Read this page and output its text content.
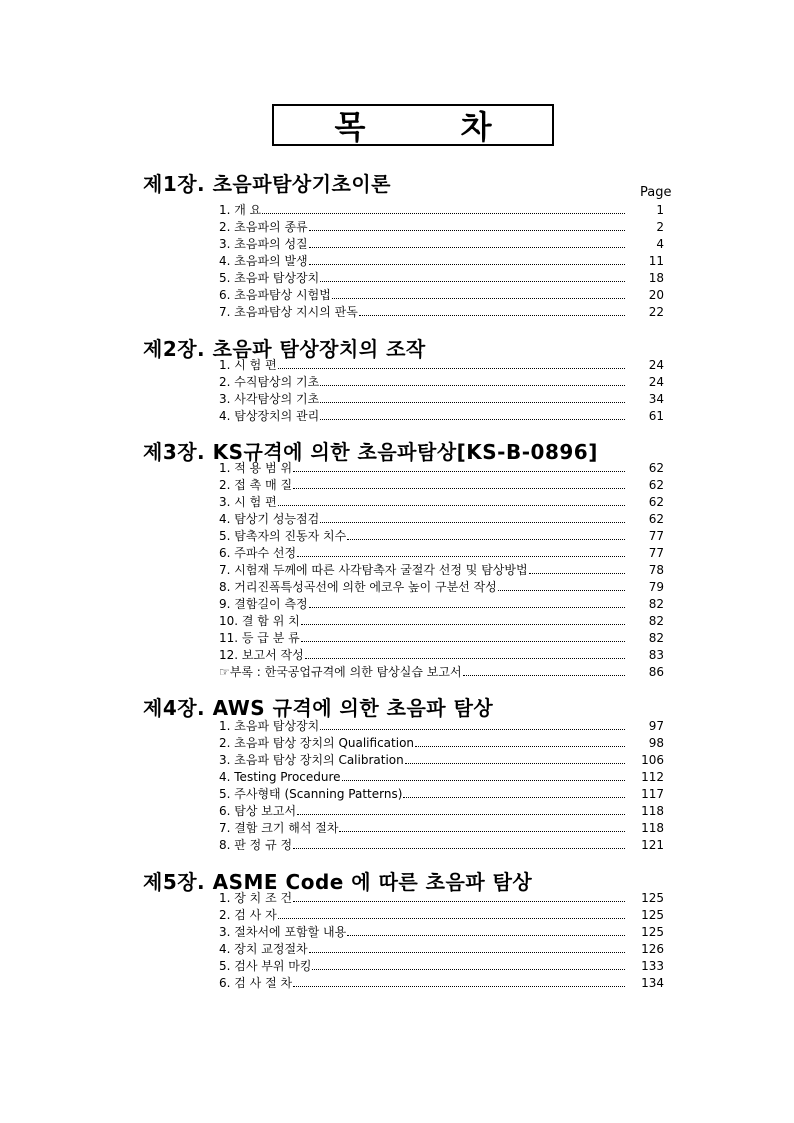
목 차
Page
제1장. 초음파탐상기초이론
1. 개 요	1
2. 초음파의 종류	2
3. 초음파의 성질	4
4. 초음파의 발생	11
5. 초음파 탐상장치	18
6. 초음파탐상 시험법	20
7. 초음파탐상 지시의 판독	22
제2장. 초음파 탐상장치의 조작
1. 시 험 편	24
2. 수직탐상의 기초	24
3. 사각탐상의 기초	34
4. 탐상장치의 관리	61
제3장. KS규격에 의한 초음파탐상[KS-B-0896]
1. 적 용 범 위	62
2. 접 촉 매 질	62
3. 시 험 편	62
4. 탐상기 성능점검	62
5. 탐촉자의 진동자 치수	77
6. 주파수 선정	77
7. 시험재 두께에 따른 사각탐촉자 굴절각 선정 및 탐상방법	78
8. 거리진폭특성곡선에 의한 에코우 높이 구분선 작성	79
9. 결함길이 측정	82
10. 결 함 위 치	82
11. 등 급 분 류	82
12. 보고서 작성	83
☞부록 : 한국공업규격에 의한 탐상실습 보고서	86
제4장. AWS 규격에 의한 초음파 탐상
1. 초음파 탐상장치	97
2. 초음파 탐상 장치의 Qualification	98
3. 초음파 탐상 장치의 Calibration	106
4. Testing Procedure	112
5. 주사형태 (Scanning Patterns)	117
6. 탐상 보고서	118
7. 결함 크기 해석 절차	118
8. 판 정 규 정	121
제5장. ASME Code 에 따른 초음파 탐상
1. 장 치 조 건	125
2. 검 사 자	125
3. 절차서에 포함할 내용	125
4. 장치 교정절차	126
5. 검사 부위 마킹	133
6. 검 사 절 차	134
